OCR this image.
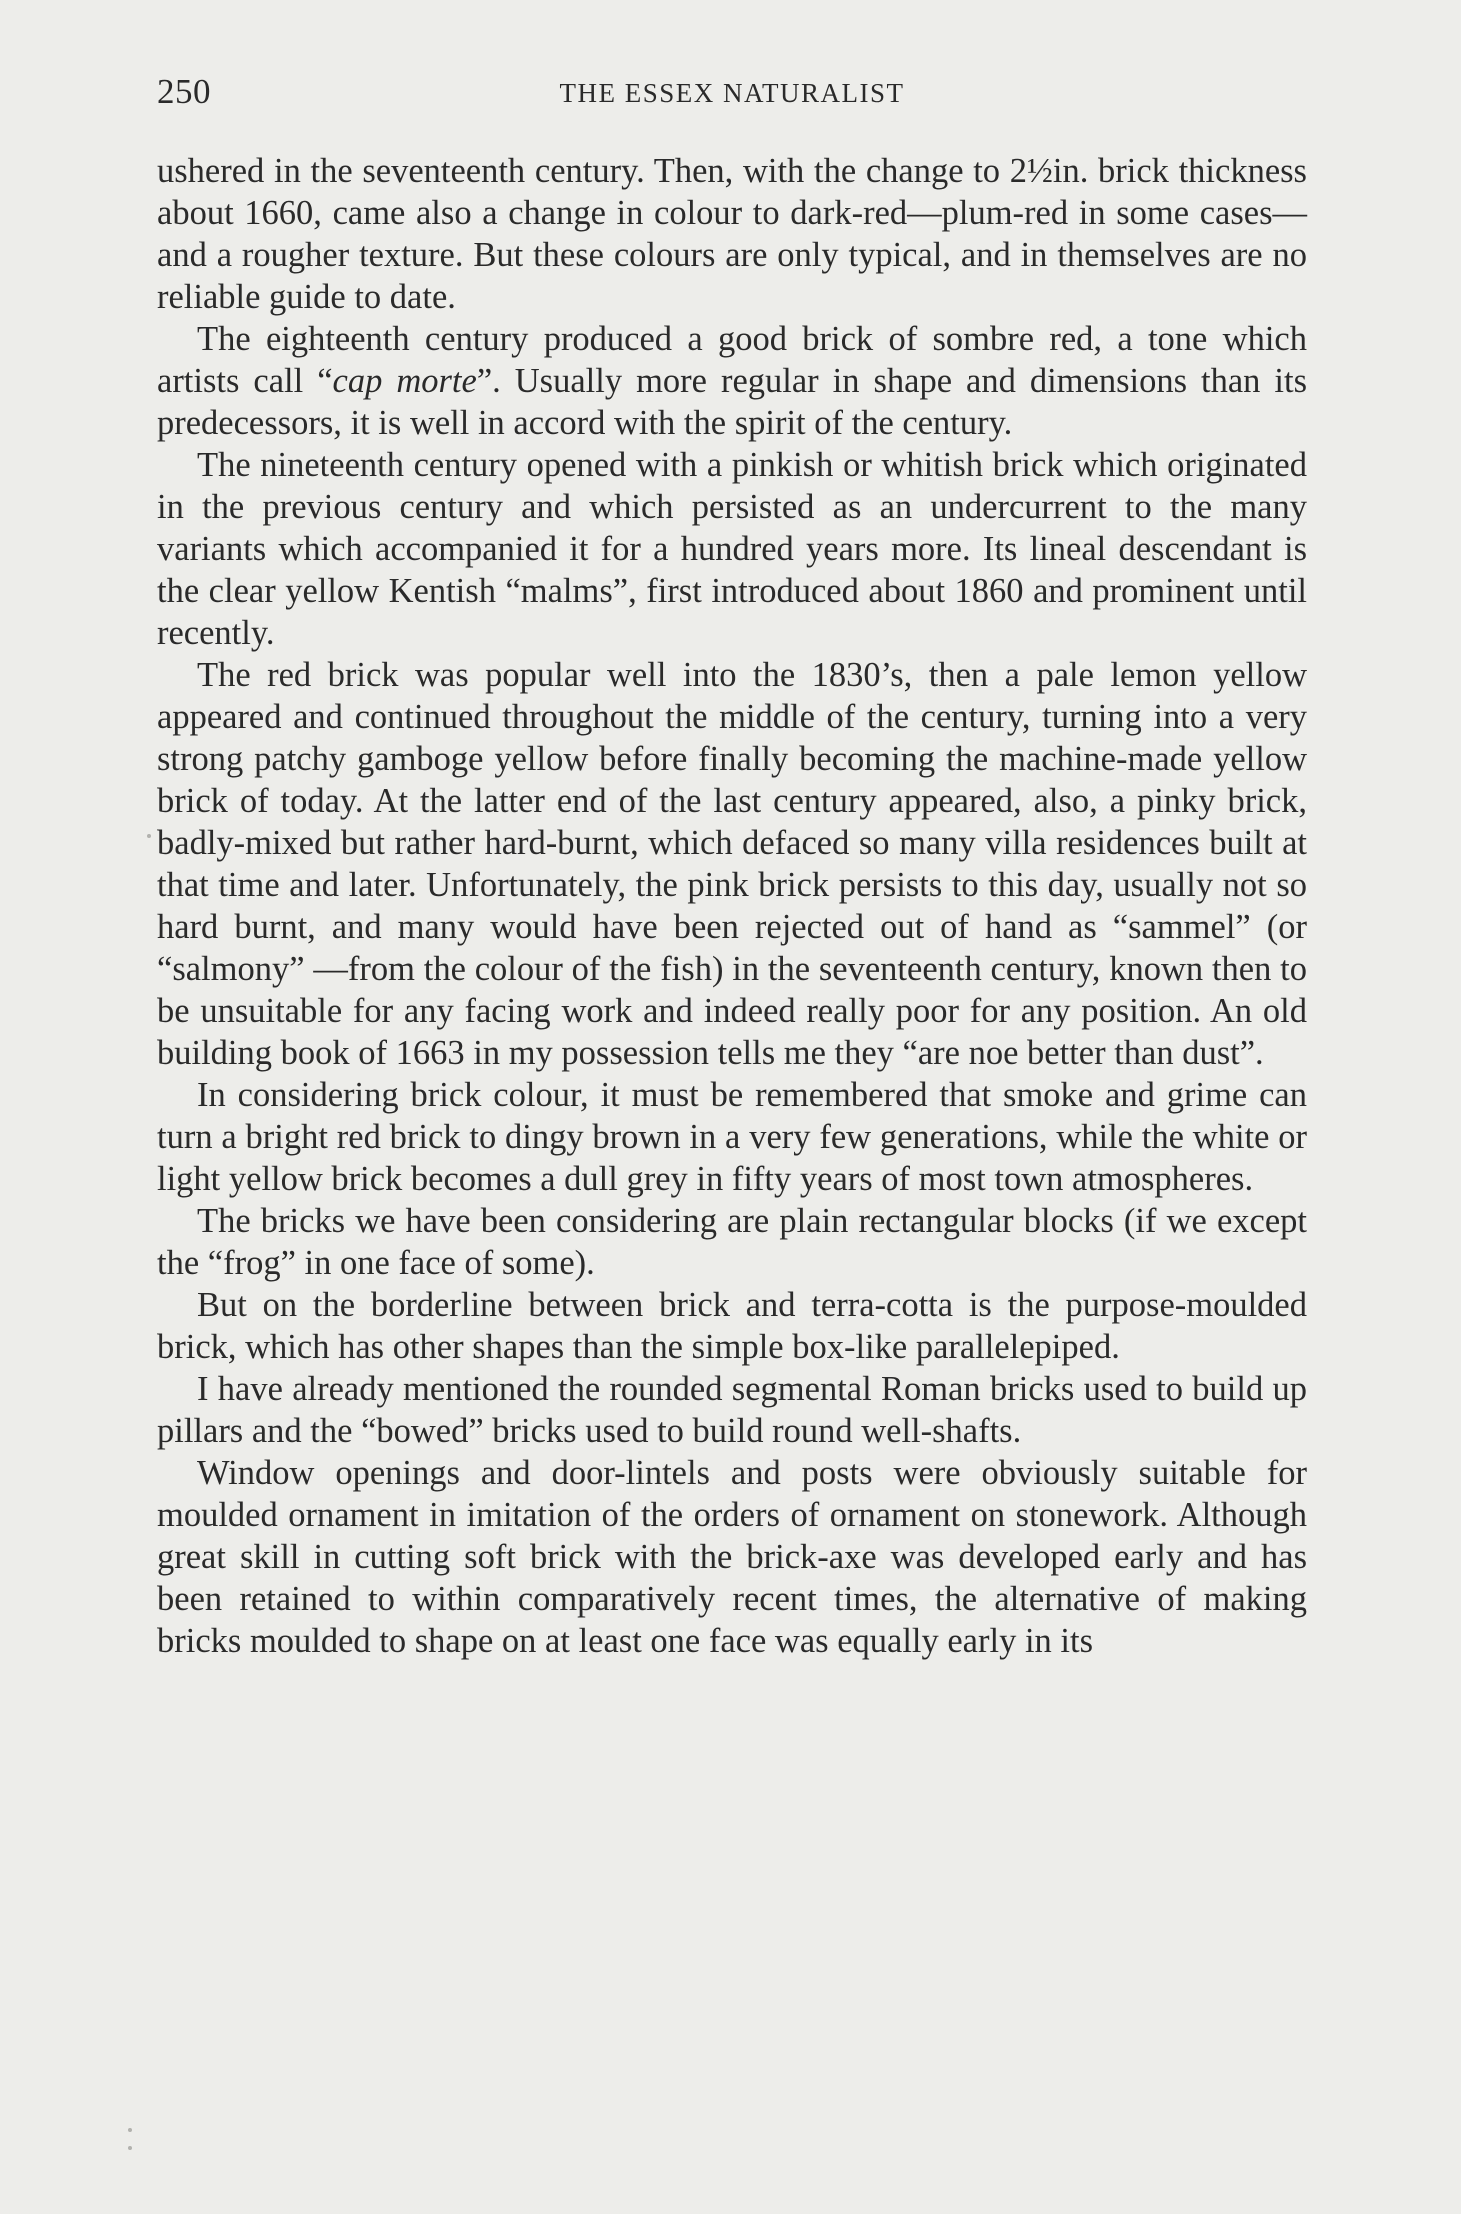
250	THE ESSEX NATURALIST

ushered in the seventeenth century. Then, with the change to 2½in. brick thickness about 1660, came also a change in colour to dark-red—plum-red in some cases—and a rougher texture. But these colours are only typical, and in themselves are no reliable guide to date.

The eighteenth century produced a good brick of sombre red, a tone which artists call “cap morte”. Usually more regular in shape and dimensions than its predecessors, it is well in accord with the spirit of the century.

The nineteenth century opened with a pinkish or whitish brick which originated in the previous century and which persisted as an undercurrent to the many variants which accompanied it for a hundred years more. Its lineal descendant is the clear yellow Kentish “malms”, first introduced about 1860 and prominent until recently.

The red brick was popular well into the 1830’s, then a pale lemon yellow appeared and continued throughout the middle of the century, turning into a very strong patchy gamboge yellow before finally becoming the machine-made yellow brick of today. At the latter end of the last century appeared, also, a pinky brick, badly-mixed but rather hard-burnt, which defaced so many villa residences built at that time and later. Unfortunately, the pink brick persists to this day, usually not so hard burnt, and many would have been rejected out of hand as “sammel” (or “salmony” —from the colour of the fish) in the seventeenth century, known then to be unsuitable for any facing work and indeed really poor for any position. An old building book of 1663 in my possession tells me they “are noe better than dust”.

In considering brick colour, it must be remembered that smoke and grime can turn a bright red brick to dingy brown in a very few generations, while the white or light yellow brick becomes a dull grey in fifty years of most town atmospheres.

The bricks we have been considering are plain rectangular blocks (if we except the “frog” in one face of some).

But on the borderline between brick and terra-cotta is the purpose-moulded brick, which has other shapes than the simple box-like parallelepiped.

I have already mentioned the rounded segmental Roman bricks used to build up pillars and the “bowed” bricks used to build round well-shafts.

Window openings and door-lintels and posts were obviously suitable for moulded ornament in imitation of the orders of ornament on stonework. Although great skill in cutting soft brick with the brick-axe was developed early and has been retained to within comparatively recent times, the alternative of making bricks moulded to shape on at least one face was equally early in its
